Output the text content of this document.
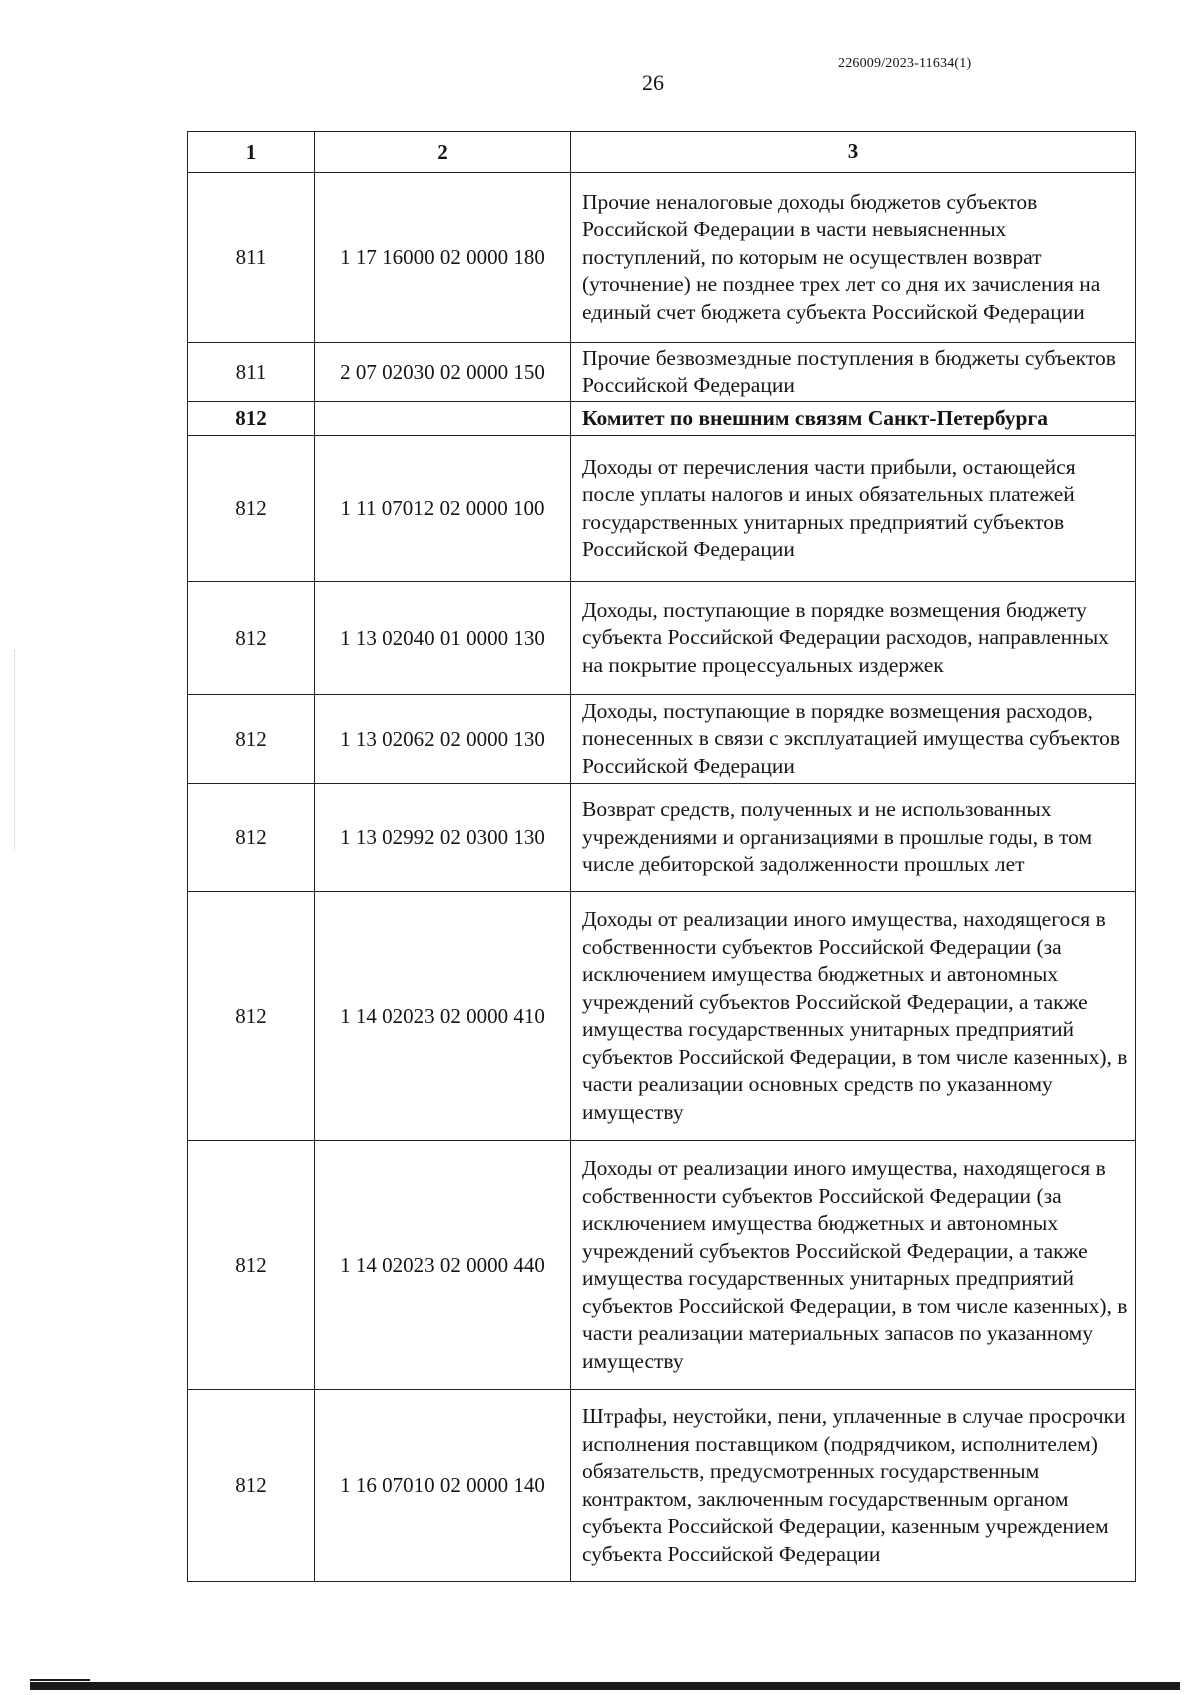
226009/2023-11634(1)
26
1	2	3
811	1 17 16000 02 0000 180	Прочие неналоговые доходы бюджетов субъектов Российской Федерации в части невыясненных поступлений, по которым не осуществлен возврат (уточнение) не позднее трех лет со дня их зачисления на единый счет бюджета субъекта Российской Федерации
811	2 07 02030 02 0000 150	Прочие безвозмездные поступления в бюджеты субъектов Российской Федерации
812		Комитет по внешним связям Санкт-Петербурга
812	1 11 07012 02 0000 100	Доходы от перечисления части прибыли, остающейся после уплаты налогов и иных обязательных платежей государственных унитарных предприятий субъектов Российской Федерации
812	1 13 02040 01 0000 130	Доходы, поступающие в порядке возмещения бюджету субъекта Российской Федерации расходов, направленных на покрытие процессуальных издержек
812	1 13 02062 02 0000 130	Доходы, поступающие в порядке возмещения расходов, понесенных в связи с эксплуатацией имущества субъектов Российской Федерации
812	1 13 02992 02 0300 130	Возврат средств, полученных и не использованных учреждениями и организациями в прошлые годы, в том числе дебиторской задолженности прошлых лет
812	1 14 02023 02 0000 410	Доходы от реализации иного имущества, находящегося в собственности субъектов Российской Федерации (за исключением имущества бюджетных и автономных учреждений субъектов Российской Федерации, а также имущества государственных унитарных предприятий субъектов Российской Федерации, в том числе казенных), в части реализации основных средств по указанному имуществу
812	1 14 02023 02 0000 440	Доходы от реализации иного имущества, находящегося в собственности субъектов Российской Федерации (за исключением имущества бюджетных и автономных учреждений субъектов Российской Федерации, а также имущества государственных унитарных предприятий субъектов Российской Федерации, в том числе казенных), в части реализации материальных запасов по указанному имуществу
812	1 16 07010 02 0000 140	Штрафы, неустойки, пени, уплаченные в случае просрочки исполнения поставщиком (подрядчиком, исполнителем) обязательств, предусмотренных государственным контрактом, заключенным государственным органом субъекта Российской Федерации, казенным учреждением субъекта Российской Федерации
